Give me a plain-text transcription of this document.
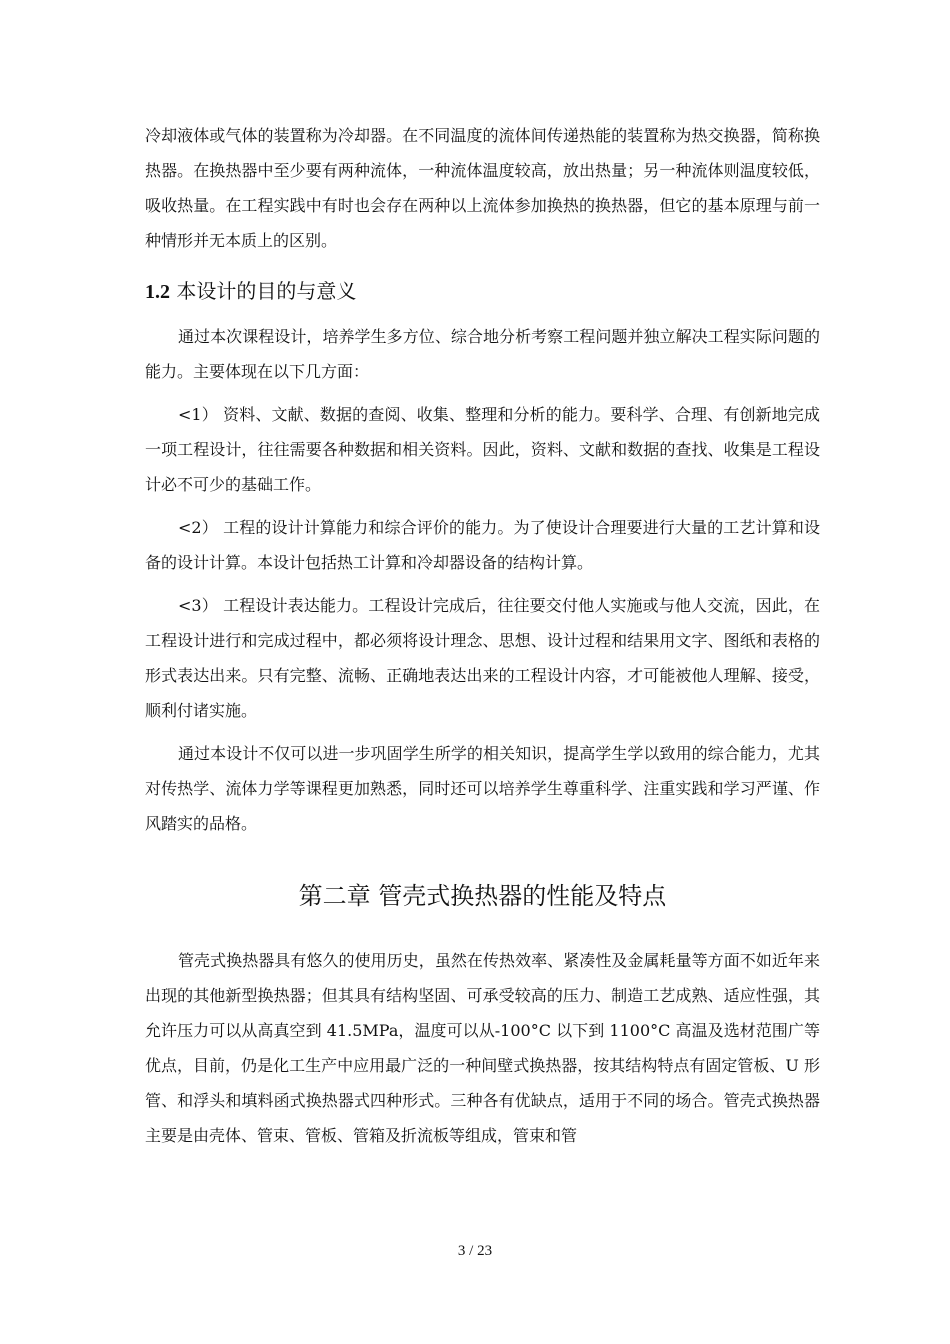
冷却液体或气体的装置称为冷却器。在不同温度的流体间传递热能的装置称为热交换器，简称换热器。在换热器中至少要有两种流体，一种流体温度较高，放出热量；另一种流体则温度较低，吸收热量。在工程实践中有时也会存在两种以上流体参加换热的换热器，但它的基本原理与前一种情形并无本质上的区别。

1.2 本设计的目的与意义

通过本次课程设计，培养学生多方位、综合地分析考察工程问题并独立解决工程实际问题的能力。主要体现在以下几方面：

<1） 资料、文献、数据的查阅、收集、整理和分析的能力。要科学、合理、有创新地完成一项工程设计，往往需要各种数据和相关资料。因此，资料、文献和数据的查找、收集是工程设计必不可少的基础工作。

<2） 工程的设计计算能力和综合评价的能力。为了使设计合理要进行大量的工艺计算和设备的设计计算。本设计包括热工计算和冷却器设备的结构计算。

<3） 工程设计表达能力。工程设计完成后，往往要交付他人实施或与他人交流，因此，在工程设计进行和完成过程中，都必须将设计理念、思想、设计过程和结果用文字、图纸和表格的形式表达出来。只有完整、流畅、正确地表达出来的工程设计内容，才可能被他人理解、接受，顺利付诸实施。

通过本设计不仅可以进一步巩固学生所学的相关知识，提高学生学以致用的综合能力，尤其对传热学、流体力学等课程更加熟悉，同时还可以培养学生尊重科学、注重实践和学习严谨、作风踏实的品格。

第二章 管壳式换热器的性能及特点

管壳式换热器具有悠久的使用历史，虽然在传热效率、紧凑性及金属耗量等方面不如近年来出现的其他新型换热器；但其具有结构坚固、可承受较高的压力、制造工艺成熟、适应性强，其允许压力可以从高真空到 41.5MPa，温度可以从-100°C 以下到 1100°C 高温及选材范围广等优点，目前，仍是化工生产中应用最广泛的一种间壁式换热器，按其结构特点有固定管板、U 形管、和浮头和填料函式换热器式四种形式。三种各有优缺点，适用于不同的场合。管壳式换热器主要是由壳体、管束、管板、管箱及折流板等组成，管束和管

3 / 23
